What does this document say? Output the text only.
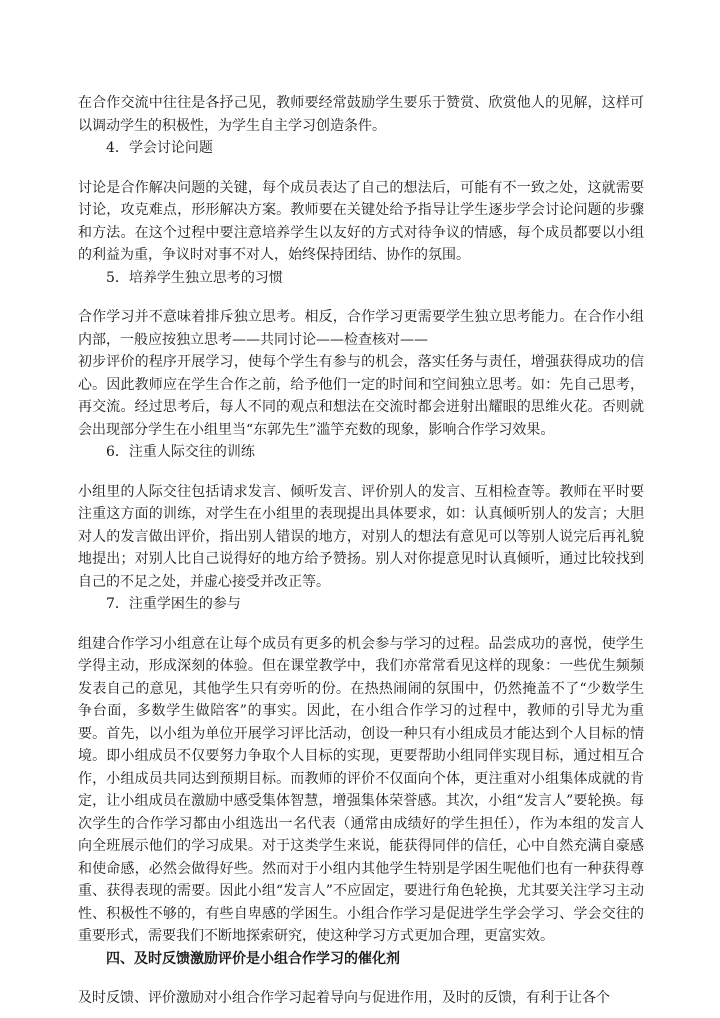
在合作交流中往往是各抒己见，教师要经常鼓励学生要乐于赞赏、欣赏他人的见解，这样可以调动学生的积极性，为学生自主学习创造条件。

4．学会讨论问题

讨论是合作解决问题的关键，每个成员表达了自己的想法后，可能有不一致之处，这就需要讨论，攻克难点，形形解决方案。教师要在关键处给予指导让学生逐步学会讨论问题的步骤和方法。在这个过程中要注意培养学生以友好的方式对待争议的情感，每个成员都要以小组的利益为重，争议时对事不对人，始终保持团结、协作的氛围。

5．培养学生独立思考的习惯

合作学习并不意味着排斥独立思考。相反，合作学习更需要学生独立思考能力。在合作小组内部，一般应按独立思考——共同讨论——检查核对——

初步评价的程序开展学习，使每个学生有参与的机会，落实任务与责任，增强获得成功的信心。因此教师应在学生合作之前，给予他们一定的时间和空间独立思考。如：先自己思考，再交流。经过思考后，每人不同的观点和想法在交流时都会迸射出耀眼的思维火花。否则就会出现部分学生在小组里当“东郭先生”滥竽充数的现象，影响合作学习效果。

6．注重人际交往的训练

小组里的人际交往包括请求发言、倾听发言、评价别人的发言、互相检查等。教师在平时要注重这方面的训练，对学生在小组里的表现提出具体要求，如：认真倾听别人的发言；大胆对人的发言做出评价，指出别人错误的地方，对别人的想法有意见可以等别人说完后再礼貌地提出；对别人比自己说得好的地方给予赞扬。别人对你提意见时认真倾听，通过比较找到自己的不足之处，并虚心接受并改正等。

7．注重学困生的参与

组建合作学习小组意在让每个成员有更多的机会参与学习的过程。品尝成功的喜悦，使学生学得主动，形成深刻的体验。但在课堂教学中，我们亦常常看见这样的现象：一些优生频频发表自己的意见，其他学生只有旁听的份。在热热闹闹的氛围中，仍然掩盖不了“少数学生争台面，多数学生做陪客”的事实。因此，在小组合作学习的过程中，教师的引导尤为重要。首先，以小组为单位开展学习评比活动，创设一种只有小组成员才能达到个人目标的情境。即小组成员不仅要努力争取个人目标的实现，更要帮助小组同伴实现目标，通过相互合作，小组成员共同达到预期目标。而教师的评价不仅面向个体，更注重对小组集体成就的肯定，让小组成员在激励中感受集体智慧，增强集体荣誉感。其次，小组“发言人”要轮换。每次学生的合作学习都由小组选出一名代表（通常由成绩好的学生担任），作为本组的发言人向全班展示他们的学习成果。对于这类学生来说，能获得同伴的信任，心中自然充满自豪感和使命感，必然会做得好些。然而对于小组内其他学生特别是学困生呢他们也有一种获得尊重、获得表现的需要。因此小组“发言人”不应固定，要进行角色轮换，尤其要关注学习主动性、积极性不够的，有些自卑感的学困生。小组合作学习是促进学生学会学习、学会交往的重要形式，需要我们不断地探索研究，使这种学习方式更加合理，更富实效。

四、及时反馈激励评价是小组合作学习的催化剂

及时反馈、评价激励对小组合作学习起着导向与促进作用，及时的反馈，有利于让各个
